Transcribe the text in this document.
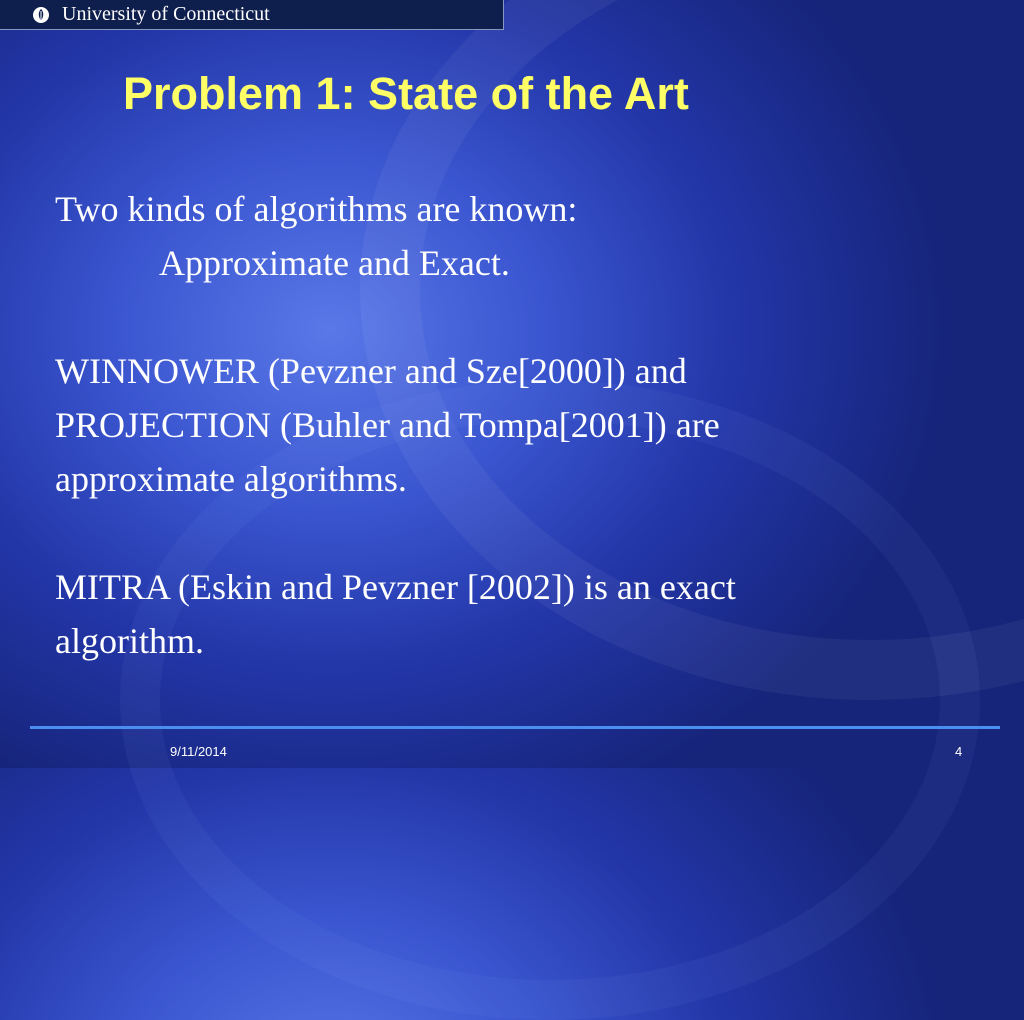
University of Connecticut
Problem 1: State of the Art

Two kinds of algorithms are known:

Approximate and Exact.

WINNOWER (Pevzner and Sze[2000]) and

PROJECTION (Buhler and Tompa[2001]) are

approximate algorithms.

MITRA (Eskin and Pevzner [2002]) is an exact

algorithm.

9/11/2014	4
